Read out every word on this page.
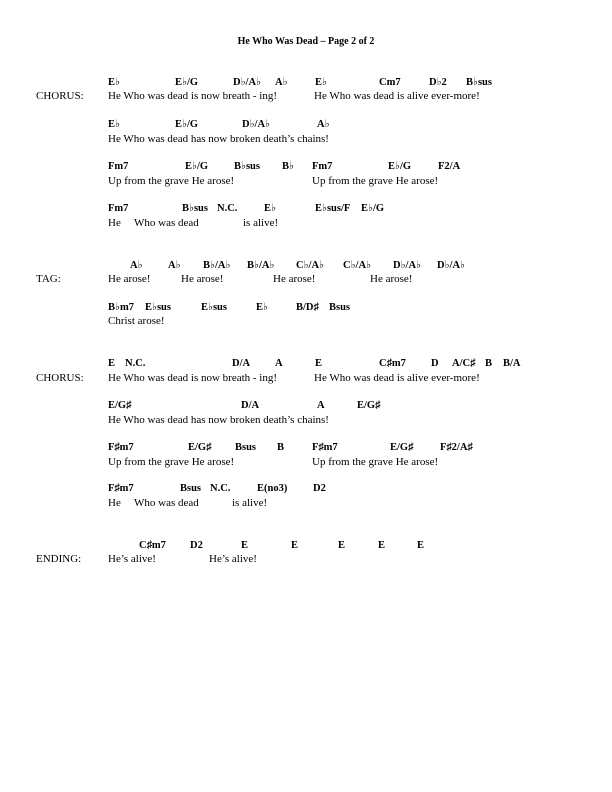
He Who Was Dead – Page 2 of 2
CHORUS:
E♭	E♭/G	D♭/A♭ A♭	E♭	Cm7	D♭2 B♭sus
He Who was dead is now breath - ing!	He Who was dead is alive ever-more!
E♭	E♭/G	D♭/A♭	A♭
He Who was dead has now broken death’s chains!
Fm7	E♭/G B♭sus B♭ Fm7	E♭/G	F2/A
Up from the grave He arose!	Up from the grave He arose!
Fm7	B♭sus N.C.	E♭	E♭sus/F E♭/G
He Who was dead	is alive!
TAG:
A♭ A♭ B♭/A♭ B♭/A♭ C♭/A♭ C♭/A♭ D♭/A♭ D♭/A♭
He arose!	He arose!	He arose!	He arose!
B♭m7 E♭sus	E♭sus	E♭	B/D♯ Bsus
Christ arose!
CHORUS:
E N.C.	D/A A	E	C♯m7 D A/C♯ B B/A
He Who was dead is now breath - ing!	He Who was dead is alive ever-more!
E/G♯	D/A	A	E/G♯
He Who was dead has now broken death’s chains!
F♯m7	E/G♯ Bsus B	F♯m7	E/G♯	F♯2/A♯
Up from the grave He arose!	Up from the grave He arose!
F♯m7	Bsus N.C.	E(no3) D2
He Who was dead	is alive!
ENDING:
C♯m7 D2	E	E	E	E	E
He’s alive!	He’s alive!
